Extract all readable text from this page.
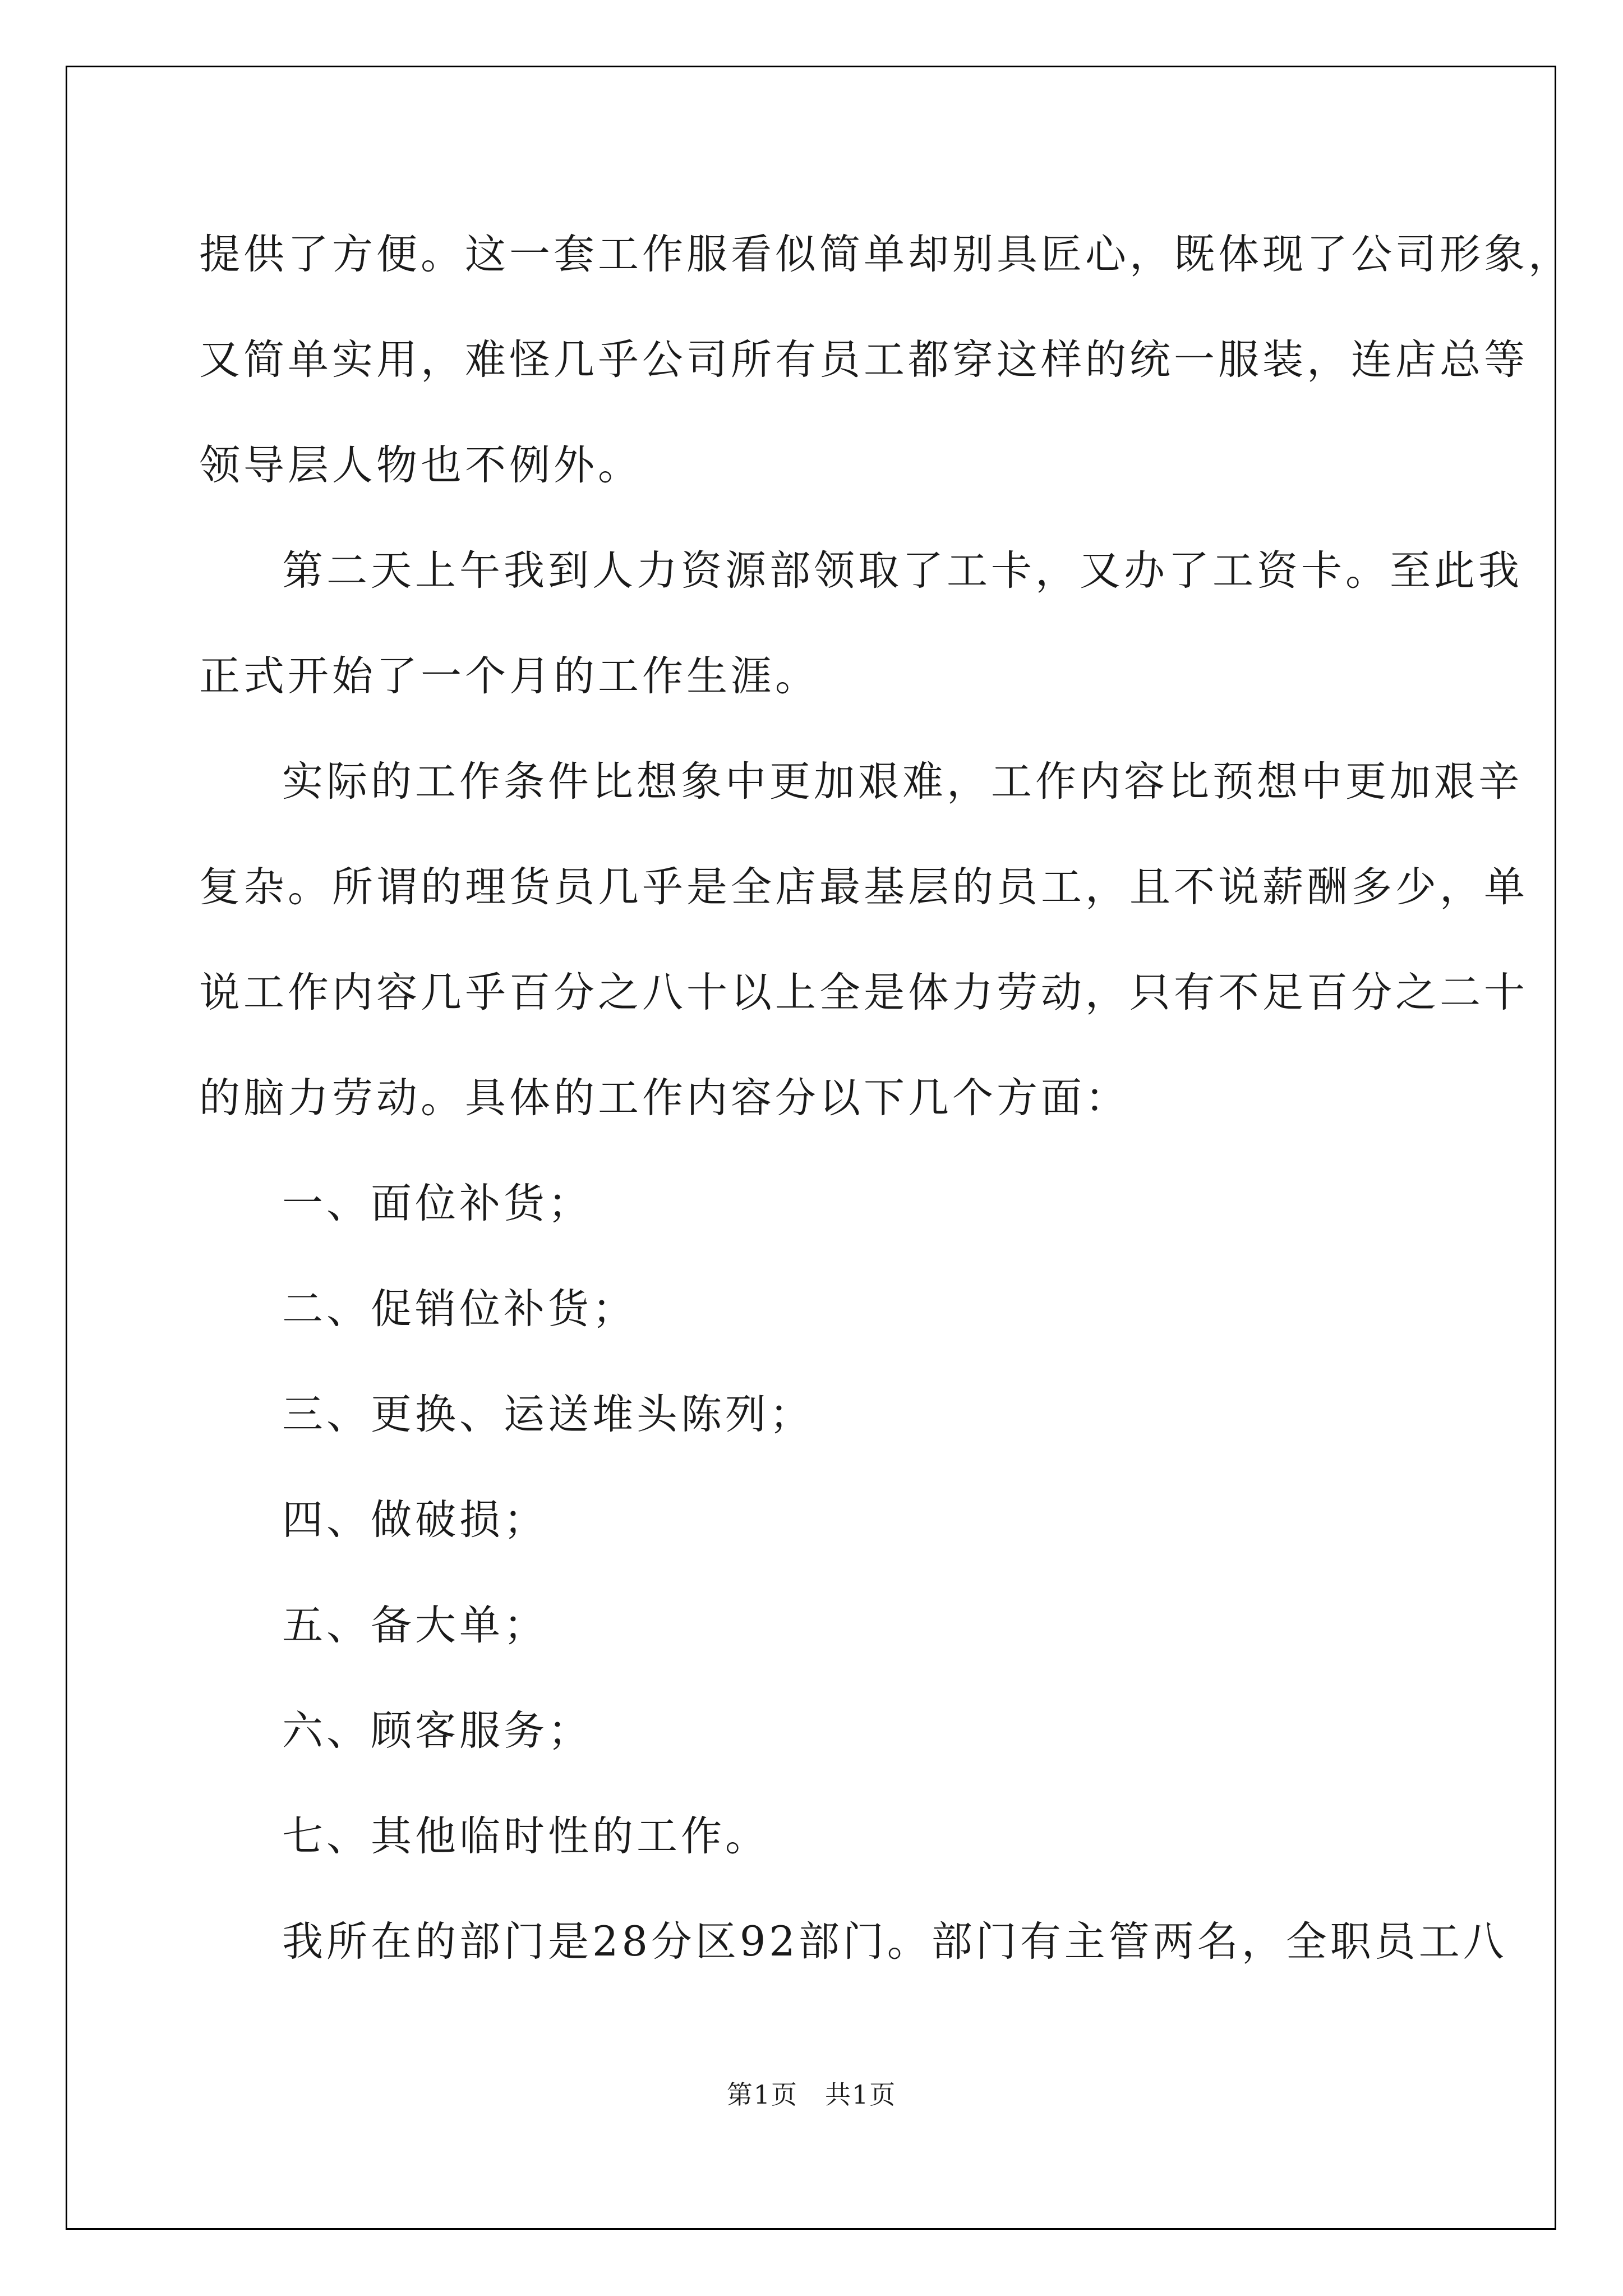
提供了方便。这一套工作服看似简单却别具匠心，既体现了公司形象，
又简单实用，难怪几乎公司所有员工都穿这样的统一服装，连店总等
领导层人物也不例外。
第二天上午我到人力资源部领取了工卡，又办了工资卡。至此我
正式开始了一个月的工作生涯。
实际的工作条件比想象中更加艰难，工作内容比预想中更加艰辛
复杂。所谓的理货员几乎是全店最基层的员工，且不说薪酬多少，单
说工作内容几乎百分之八十以上全是体力劳动，只有不足百分之二十
的脑力劳动。具体的工作内容分以下几个方面：
一、面位补货；
二、促销位补货；
三、更换、运送堆头陈列；
四、做破损；
五、备大单；
六、顾客服务；
七、其他临时性的工作。
我所在的部门是28分区92部门。部门有主管两名，全职员工八
第1页　共1页
